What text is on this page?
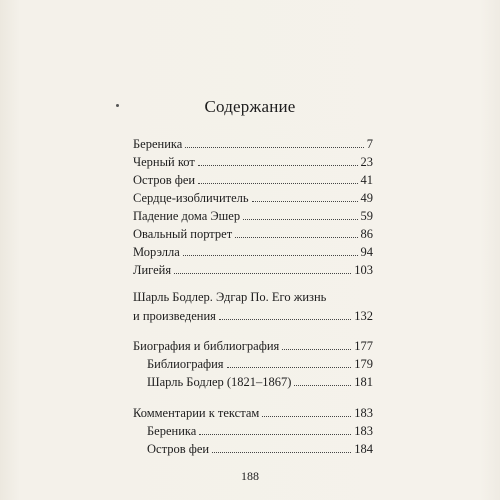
Содержание
Береника	7
Черный кот	23
Остров феи	41
Сердце-изобличитель	49
Падение дома Эшер	59
Овальный портрет	86
Морэлла	94
Лигейя	103
Шарль Бодлер. Эдгар По. Его жизнь
и произведения	132
Биография и библиография	177
Библиография	179
Шарль Бодлер (1821–1867)	181
Комментарии к текстам	183
Береника	183
Остров феи	184
188
